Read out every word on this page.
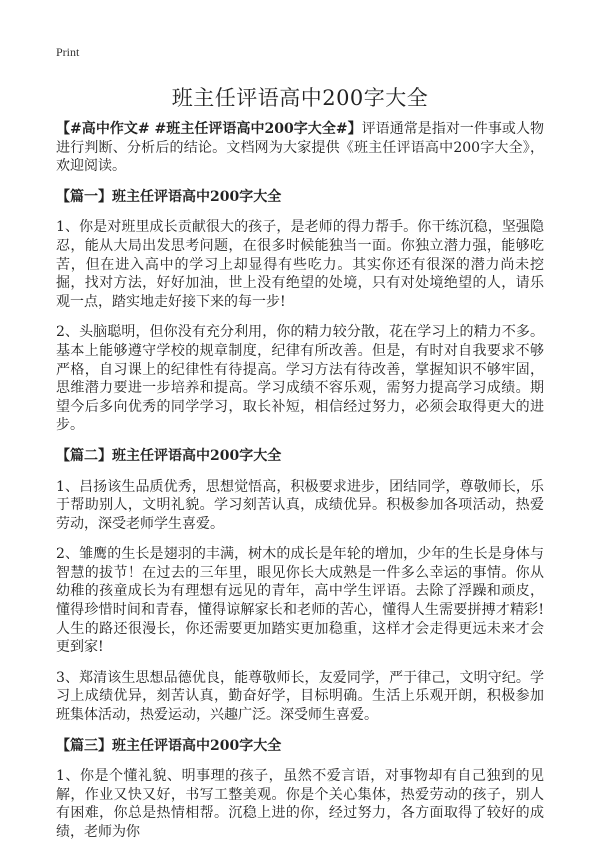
Print
班主任评语高中200字大全

【#高中作文# #班主任评语高中200字大全#】评语通常是指对一件事或人物进行判断、分析后的结论。文档网为大家提供《班主任评语高中200字大全》，欢迎阅读。

【篇一】班主任评语高中200字大全

1、你是对班里成长贡献很大的孩子，是老师的得力帮手。你干练沉稳，坚强隐忍，能从大局出发思考问题，在很多时候能独当一面。你独立潜力强，能够吃苦，但在进入高中的学习上却显得有些吃力。其实你还有很深的潜力尚未挖掘，找对方法，好好加油，世上没有绝望的处境，只有对处境绝望的人，请乐观一点，踏实地走好接下来的每一步!

2、头脑聪明，但你没有充分利用，你的精力较分散，花在学习上的精力不多。基本上能够遵守学校的规章制度，纪律有所改善。但是，有时对自我要求不够严格，自习课上的纪律性有待提高。学习方法有待改善，掌握知识不够牢固，思维潜力要进一步培养和提高。学习成绩不容乐观，需努力提高学习成绩。期望今后多向优秀的同学学习，取长补短，相信经过努力，必须会取得更大的进步。

【篇二】班主任评语高中200字大全

1、吕扬该生品质优秀，思想觉悟高，积极要求进步，团结同学，尊敬师长，乐于帮助别人，文明礼貌。学习刻苦认真，成绩优异。积极参加各项活动，热爱劳动，深受老师学生喜爱。

2、雏鹰的生长是翅羽的丰满，树木的成长是年轮的增加，少年的生长是身体与智慧的拔节！在过去的三年里，眼见你长大成熟是一件多么幸运的事情。你从幼稚的孩童成长为有理想有远见的青年，高中学生评语。去除了浮躁和顽皮，懂得珍惜时间和青春，懂得谅解家长和老师的苦心，懂得人生需要拼搏才精彩! 人生的路还很漫长，你还需要更加踏实更加稳重，这样才会走得更远未来才会更到家!

3、郑清该生思想品德优良，能尊敬师长，友爱同学，严于律己，文明守纪。学习上成绩优异，刻苦认真，勤奋好学，目标明确。生活上乐观开朗，积极参加班集体活动，热爱运动，兴趣广泛。深受师生喜爱。

【篇三】班主任评语高中200字大全

1、你是个懂礼貌、明事理的孩子，虽然不爱言语，对事物却有自己独到的见解，作业又快又好，书写工整美观。你是个关心集体，热爱劳动的孩子，别人有困难，你总是热情相帮。沉稳上进的你，经过努力，各方面取得了较好的成绩，老师为你
